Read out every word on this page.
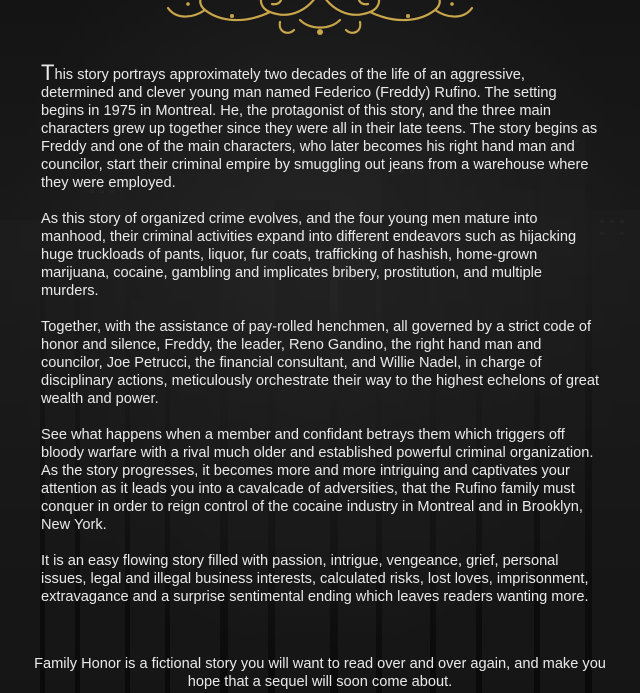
This story portrays approximately two decades of the life of an aggressive, determined and clever young man named Federico (Freddy) Rufino. The setting begins in 1975 in Montreal. He, the protagonist of this story, and the three main characters grew up together since they were all in their late teens. The story begins as Freddy and one of the main characters, who later becomes his right hand man and councilor, start their criminal empire by smuggling out jeans from a warehouse where they were employed.

As this story of organized crime evolves, and the four young men mature into manhood, their criminal activities expand into different endeavors such as hijacking huge truckloads of pants, liquor, fur coats, trafficking of hashish, home-grown marijuana, cocaine, gambling and implicates bribery, prostitution, and multiple murders.

Together, with the assistance of pay-rolled henchmen, all governed by a strict code of honor and silence, Freddy, the leader, Reno Gandino, the right hand man and councilor, Joe Petrucci, the financial consultant, and Willie Nadel, in charge of disciplinary actions, meticulously orchestrate their way to the highest echelons of great wealth and power.

See what happens when a member and confidant betrays them which triggers off bloody warfare with a rival much older and established powerful criminal organization. As the story progresses, it becomes more and more intriguing and captivates your attention as it leads you into a cavalcade of adversities, that the Rufino family must conquer in order to reign control of the cocaine industry in Montreal and in Brooklyn, New York.

It is an easy flowing story filled with passion, intrigue, vengeance, grief, personal issues, legal and illegal business interests, calculated risks, lost loves, imprisonment, extravagance and a surprise sentimental ending which leaves readers wanting more.

Family Honor is a fictional story you will want to read over and over again, and make you hope that a sequel will soon come about.
